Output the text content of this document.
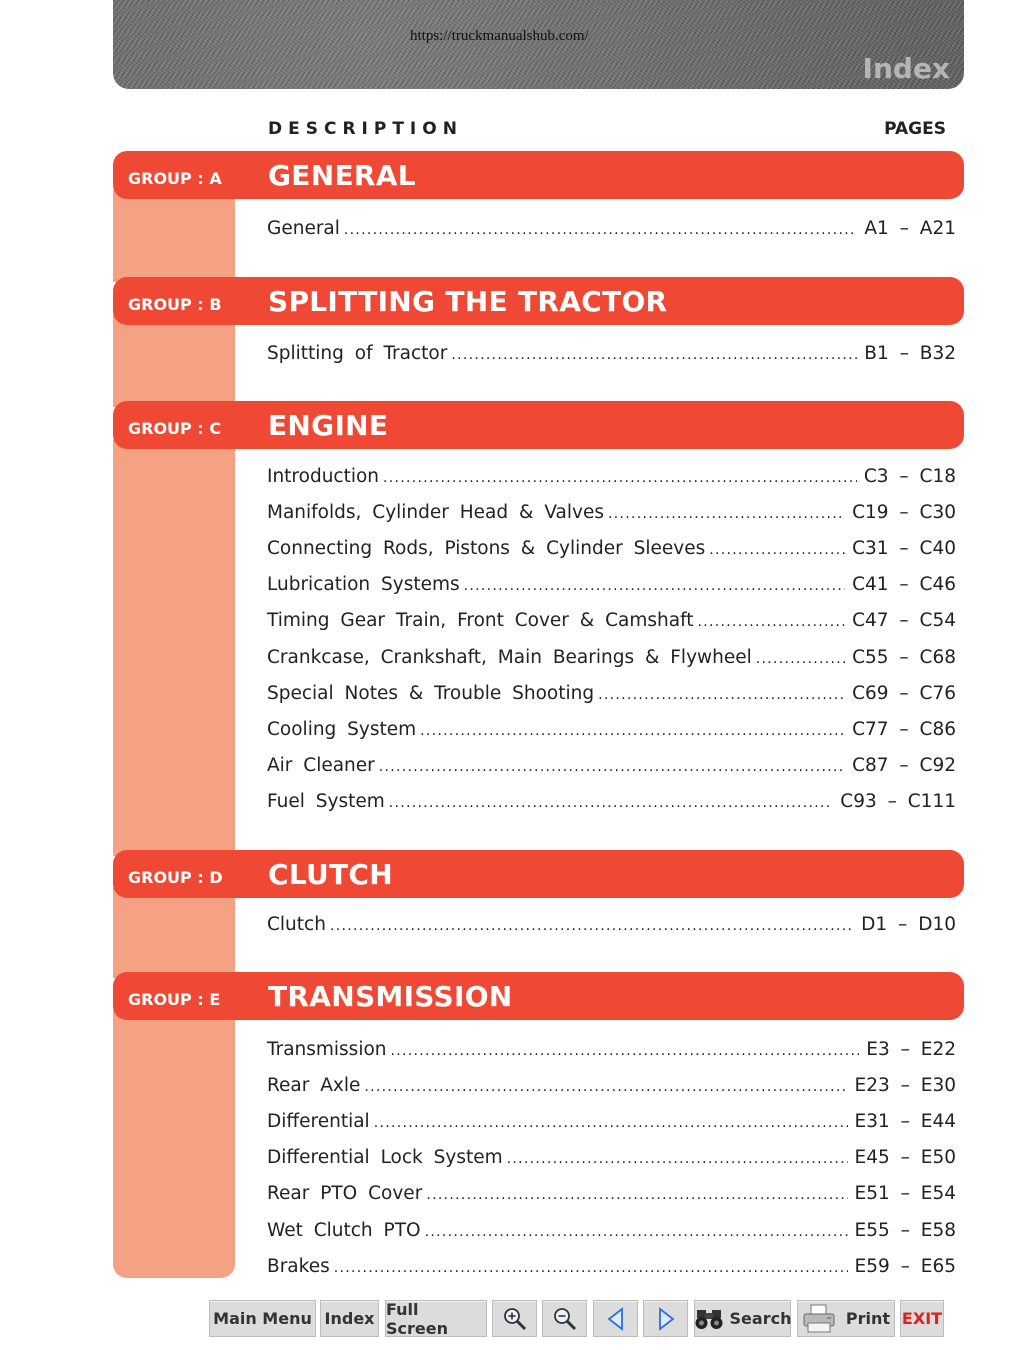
https://truckmanualshub.com/
Index
DESCRIPTION	PAGES
GROUP : A GENERAL
General .....	A1 – A21
GROUP : B SPLITTING THE TRACTOR
Splitting of Tractor .....	B1 – B32
GROUP : C ENGINE
Introduction .....	C3 – C18
Manifolds, Cylinder Head & Valves .....	C19 – C30
Connecting Rods, Pistons & Cylinder Sleeves .....	C31 – C40
Lubrication Systems .....	C41 – C46
Timing Gear Train, Front Cover & Camshaft .....	C47 – C54
Crankcase, Crankshaft, Main Bearings & Flywheel .....	C55 – C68
Special Notes & Trouble Shooting .....	C69 – C76
Cooling System .....	C77 – C86
Air Cleaner .....	C87 – C92
Fuel System .....	C93 – C111
GROUP : D CLUTCH
Clutch .....	D1 – D10
GROUP : E TRANSMISSION
Transmission .....	E3 – E22
Rear Axle .....	E23 – E30
Differential .....	E31 – E44
Differential Lock System .....	E45 – E50
Rear PTO Cover .....	E51 – E54
Wet Clutch PTO .....	E55 – E58
Brakes .....	E59 – E65
Main Menu Index Full Screen	Search	Print EXIT
